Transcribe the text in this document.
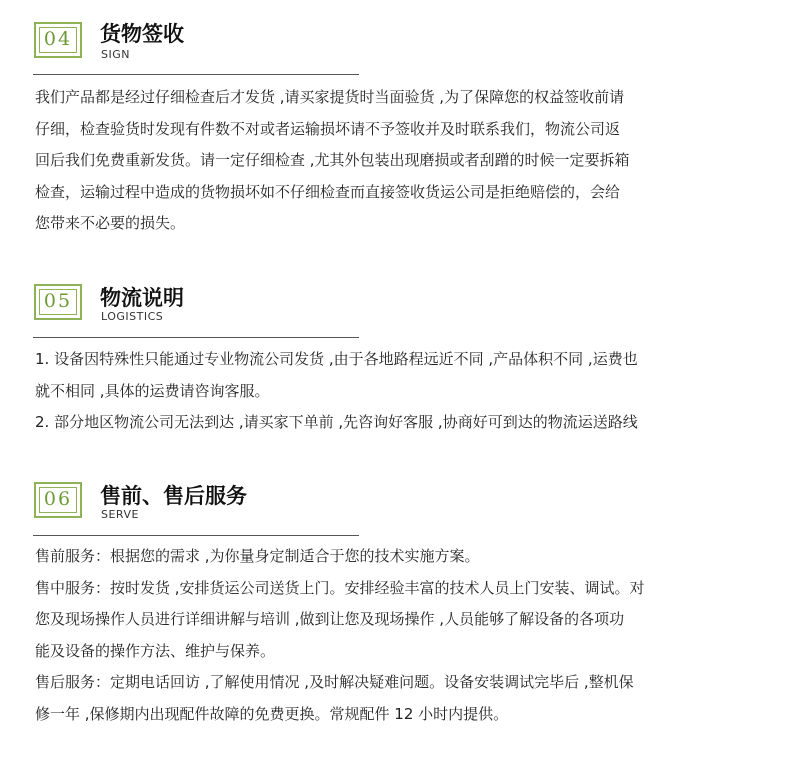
04	货物签收
SIGN
我们产品都是经过仔细检查后才发货 ,请买家提货时当面验货 ,为了保障您的权益签收前请
仔细，检查验货时发现有件数不对或者运输损坏请不予签收并及时联系我们，物流公司返
回后我们免费重新发货。请一定仔细检查 ,尤其外包装出现磨损或者刮蹭的时候一定要拆箱
检查，运输过程中造成的货物损坏如不仔细检查而直接签收货运公司是拒绝赔偿的，会给
您带来不必要的损失。
05	物流说明
LOGISTICS
1. 设备因特殊性只能通过专业物流公司发货 ,由于各地路程远近不同 ,产品体积不同 ,运费也
就不相同 ,具体的运费请咨询客服。
2. 部分地区物流公司无法到达 ,请买家下单前 ,先咨询好客服 ,协商好可到达的物流运送路线
06	售前、售后服务
SERVE
售前服务：根据您的需求 ,为你量身定制适合于您的技术实施方案。
售中服务：按时发货 ,安排货运公司送货上门。安排经验丰富的技术人员上门安装、调试。对
您及现场操作人员进行详细讲解与培训 ,做到让您及现场操作 ,人员能够了解设备的各项功
能及设备的操作方法、维护与保养。
售后服务：定期电话回访 ,了解使用情况 ,及时解决疑难问题。设备安装调试完毕后 ,整机保
修一年 ,保修期内出现配件故障的免费更换。常规配件 12 小时内提供。
